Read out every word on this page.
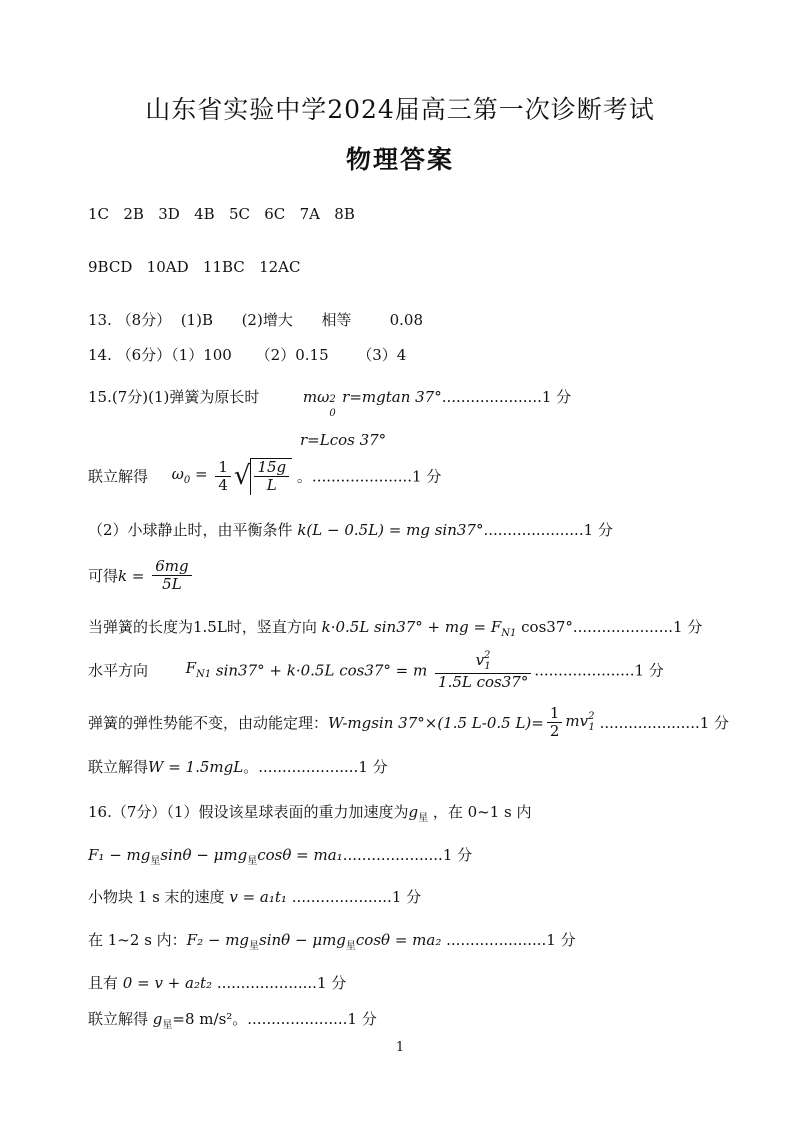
山东省实验中学2024届高三第一次诊断考试
物理答案
1C   2B   3D   4B   5C   6C   7A   8B
9BCD   10AD   11BC   12AC
13. （8分）  (1)B      (2)增大      相等        0.08
14. （6分）（1）100     （2）0.15      （3）4
15.(7分)(1)弹簧为原长时	mω 2
0
r=mgtan 37°.....................1 分
r=Lcos 37°
联立解得 $\omega_0 = \frac{1}{4}$ √ $\frac{15g}{L}$ 。.....................1 分
（2）小球静止时，由平衡条件 k(L − 0.5L) = mg sin37°.....................1 分
可得$k = \frac{6mg}{5L}$
当弹簧的长度为1.5L时，竖直方向 k·0.5L sin37° + mg = $F_{N1}$ cos37°.....................1 分
水平方向	$F_{N1}$ sin37° + k·0.5L cos37° = m $\frac{v^2_1}{\text{1.5L cos37°}} .....................1$ 分
弹簧的弹性势能不变，由动能定理：W-mgsin 37°×(1.5 L-0.5 $L)= \frac{1}{2} mv^2_1$ .....................1 分
联立解得W = 1.5mgL。.....................1 分
16.（7分）（1）假设该星球表面的重力加速度为$g_星$ ，在 0~1 s 内
$F_1 - mg_星\sin\theta - \mu mg_星\cos\theta = ma_1.....................1$ 分
小物块 1 s 末的速度 v = a₁t₁ .....................1 分
在 1~2 s 内：$F_2 - mg_星\sin\theta - \mu mg_星\cos\theta = ma_2$ .....................1 分
且有 0 = v + a₂t₂ .....................1 分
联立解得 $g_星=8$ m/s²。.....................1 分
1
